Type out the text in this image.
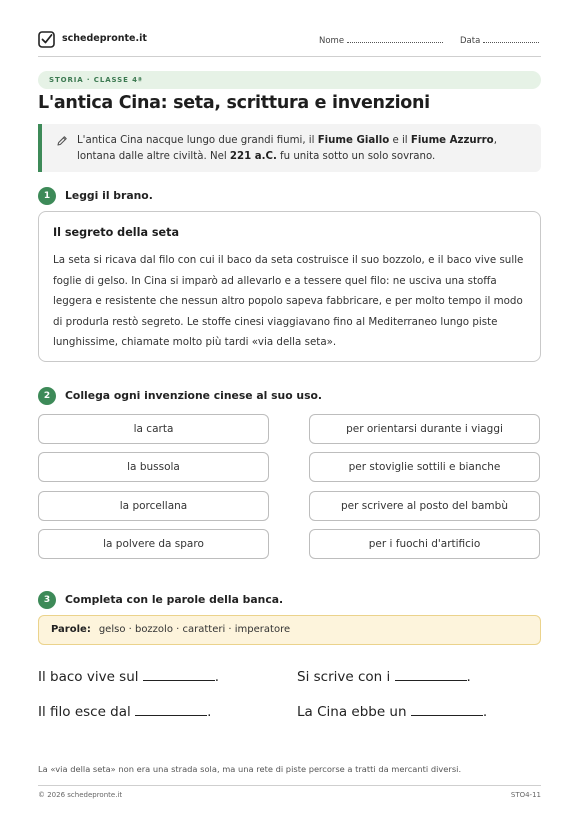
schedepronte.it	Nome	Data
STORIA · CLASSE 4ª
L'antica Cina: seta, scrittura e invenzioni

L'antica Cina nacque lungo due grandi fiumi, il Fiume Giallo e il Fiume Azzurro, lontana dalle altre civiltà. Nel 221 a.C. fu unita sotto un solo sovrano.

1	Leggi il brano.
Il segreto della seta

La seta si ricava dal filo con cui il baco da seta costruisce il suo bozzolo, e il baco vive sulle foglie di gelso. In Cina si imparò ad allevarlo e a tessere quel filo: ne usciva una stoffa leggera e resistente che nessun altro popolo sapeva fabbricare, e per molto tempo il modo di produrla restò segreto. Le stoffe cinesi viaggiavano fino al Mediterraneo lungo piste lunghissime, chiamate molto più tardi «via della seta».

2	Collega ogni invenzione cinese al suo uso.
la carta
la bussola
la porcellana
la polvere da sparo
per orientarsi durante i viaggi
per stoviglie sottili e bianche
per scrivere al posto del bambù
per i fuochi d'artificio
3	Completa con le parole della banca.
Parole: gelso · bozzolo · caratteri · imperatore
Il baco vive sul	.	Si scrive con i	.
Il filo esce dal	.	La Cina ebbe un	.
La «via della seta» non era una strada sola, ma una rete di piste percorse a tratti da mercanti diversi.
© 2026 schedepronte.it	STO4-11
